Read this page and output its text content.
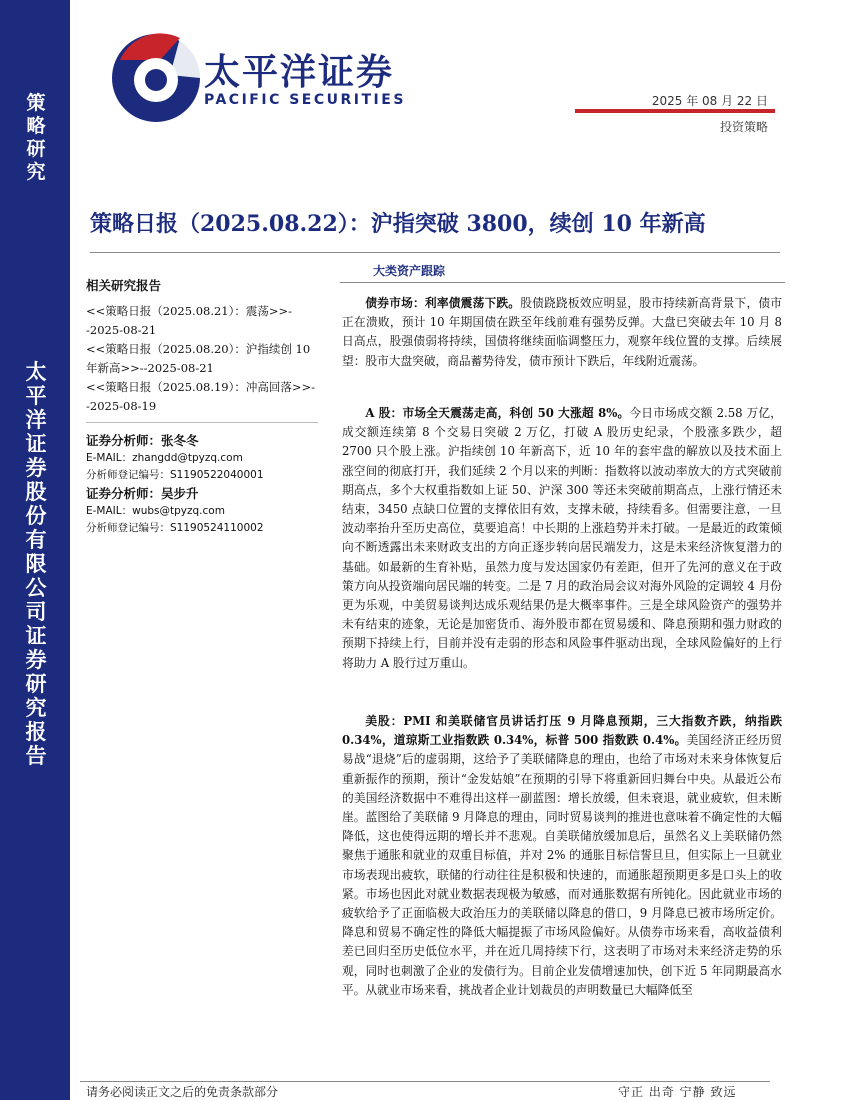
策
略
研
究
太
平
洋
证
券
股
份
有
限
公
司
证
券
研
究
报
告
太平洋证券
PACIFIC SECURITIES	2025 年 08 月 22 日
投资策略
策略日报（2025.08.22）：沪指突破 3800，续创 10 年新高
相关研究报告
<<策略日报（2025.08.21）：震荡>>--2025-08-21
<<策略日报（2025.08.20）：沪指续创 10 年新高>>--2025-08-21
<<策略日报（2025.08.19）：冲高回落>>--2025-08-19
证券分析师：张冬冬
E-MAIL：zhangdd@tpyzq.com
分析师登记编号：S1190522040001
证券分析师：吴步升
E-MAIL：wubs@tpyzq.com
分析师登记编号：S1190524110002
大类资产跟踪

债券市场：利率债震荡下跌。股债跷跷板效应明显，股市持续新高背景下，债市正在溃败，预计 10 年期国债在跌至年线前难有强势反弹。大盘已突破去年 10 月 8 日高点，股强债弱将持续，国债将继续面临调整压力，观察年线位置的支撑。后续展望：股市大盘突破，商品蓄势待发，债市预计下跌后，年线附近震荡。

A 股：市场全天震荡走高，科创 50 大涨超 8%。今日市场成交额 2.58 万亿，成交额连续第 8 个交易日突破 2 万亿，打破 A 股历史纪录，个股涨多跌少，超 2700 只个股上涨。沪指续创 10 年新高下，近 10 年的套牢盘的解放以及技术面上涨空间的彻底打开，我们延续 2 个月以来的判断：指数将以波动率放大的方式突破前期高点，多个大权重指数如上证 50、沪深 300 等还未突破前期高点，上涨行情还未结束，3450 点缺口位置的支撑依旧有效，支撑未破，持续看多。但需要注意，一旦波动率抬升至历史高位，莫要追高！中长期的上涨趋势并未打破。一是最近的政策倾向不断透露出未来财政支出的方向正逐步转向居民端发力，这是未来经济恢复潜力的基础。如最新的生育补贴，虽然力度与发达国家仍有差距，但开了先河的意义在于政策方向从投资端向居民端的转变。二是 7 月的政治局会议对海外风险的定调较 4 月份更为乐观，中美贸易谈判达成乐观结果仍是大概率事件。三是全球风险资产的强势并未有结束的迹象，无论是加密货币、海外股市都在贸易缓和、降息预期和强力财政的预期下持续上行，目前并没有走弱的形态和风险事件驱动出现，全球风险偏好的上行将助力 A 股行过万重山。

美股：PMI 和美联储官员讲话打压 9 月降息预期，三大指数齐跌，纳指跌 0.34%，道琼斯工业指数跌 0.34%，标普 500 指数跌 0.4%。美国经济正经历贸易战“退烧”后的虚弱期，这给予了美联储降息的理由，也给了市场对未来身体恢复后重新振作的预期，预计“金发姑娘”在预期的引导下将重新回归舞台中央。从最近公布的美国经济数据中不难得出这样一副蓝图：增长放缓，但未衰退，就业疲软，但未断崖。蓝图给了美联储 9 月降息的理由，同时贸易谈判的推进也意味着不确定性的大幅降低，这也使得远期的增长并不悲观。自美联储放缓加息后，虽然名义上美联储仍然聚焦于通胀和就业的双重目标值，并对 2% 的通胀目标信誓旦旦，但实际上一旦就业市场表现出疲软，联储的行动往往是积极和快速的，而通胀超预期更多是口头上的收紧。市场也因此对就业数据表现极为敏感，而对通胀数据有所钝化。因此就业市场的疲软给予了正面临极大政治压力的美联储以降息的借口，9 月降息已被市场所定价。降息和贸易不确定性的降低大幅提振了市场风险偏好。从债券市场来看，高收益债利差已回归至历史低位水平，并在近几周持续下行，这表明了市场对未来经济走势的乐观，同时也刺激了企业的发债行为。目前企业发债增速加快，创下近 5 年同期最高水平。从就业市场来看，挑战者企业计划裁员的声明数量已大幅降低至

请务必阅读正文之后的免责条款部分	守正 出奇 宁静 致远
